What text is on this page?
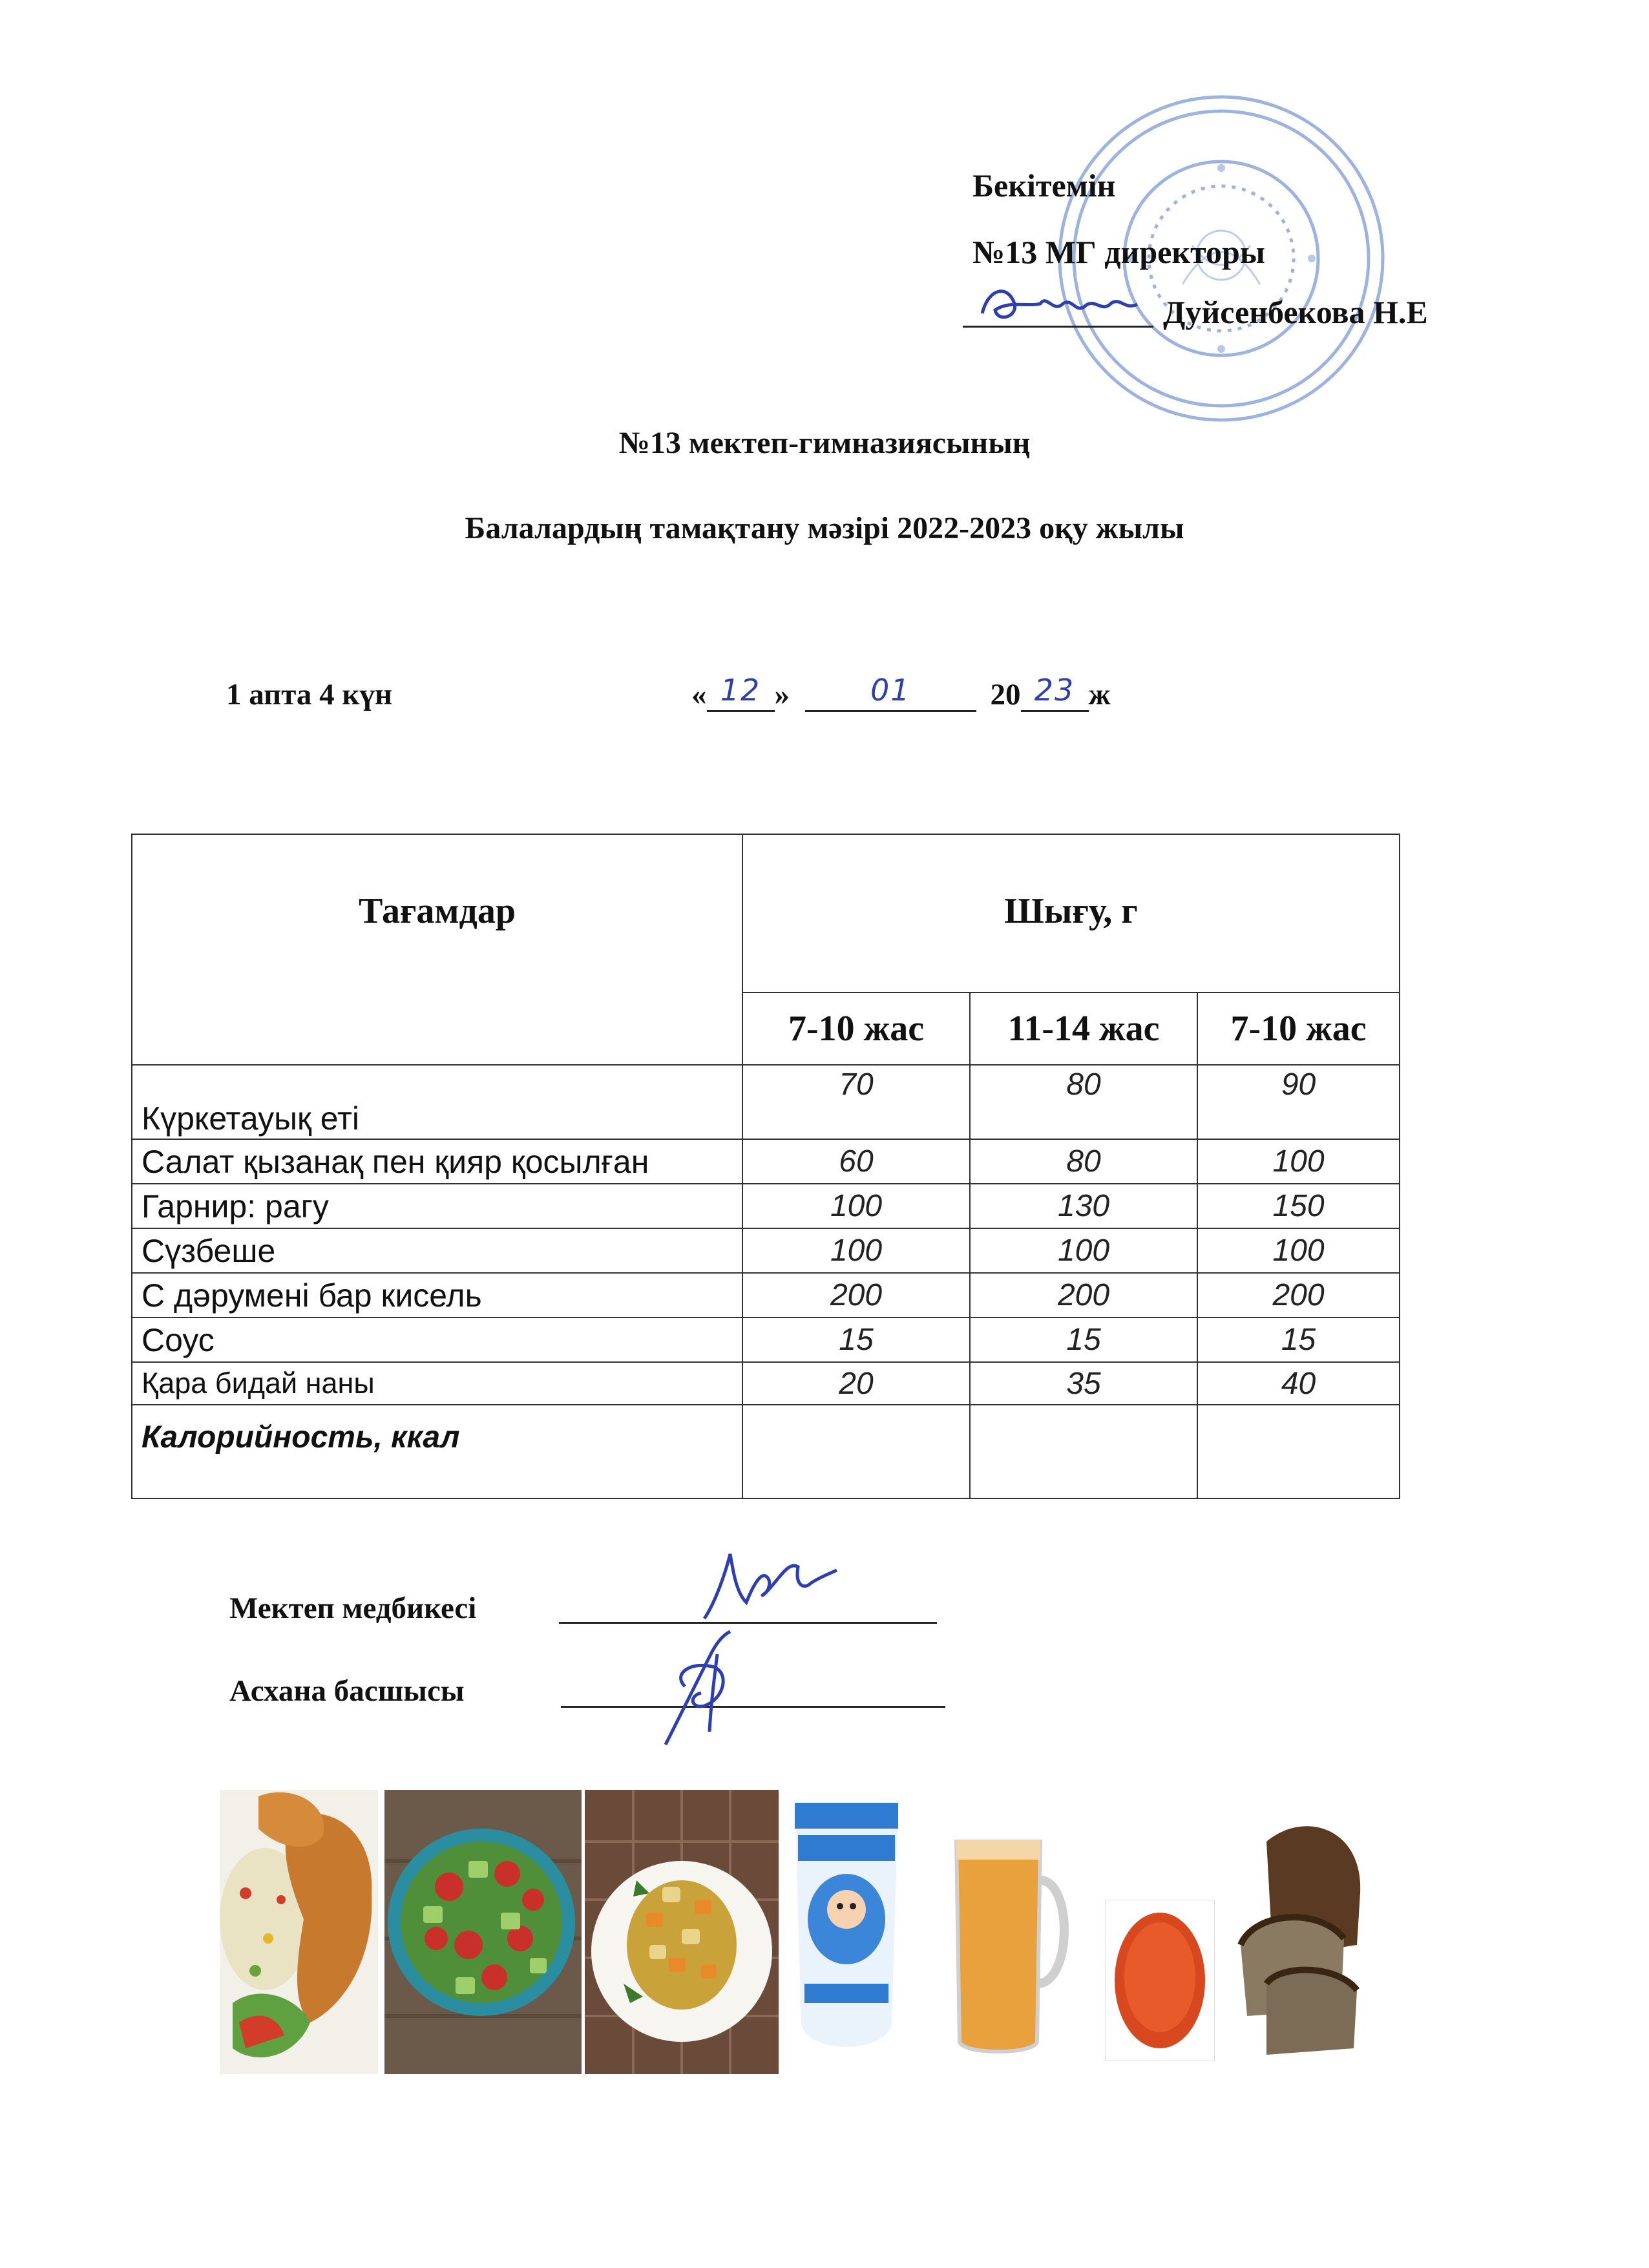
Бекітемін
№13 МГ директоры
Дуйсенбекова Н.Е
№13 мектеп-гимназиясының
Балалардың тамақтану мәзірі 2022-2023 оқу жылы
1 апта 4 күн	« 12 »	01	20 23 ж
Тағамдар	Шығу, г		
	7-10 жас	11-14 жас	7-10 жас
Күркетауық еті	70	80	90
Салат қызанақ пен қияр қосылған	60	80	100
Гарнир: рагу	100	130	150
Сүзбеше	100	100	100
С дәрумені бар кисель	200	200	200
Соус	15	15	15
Қара бидай наны	20	35	40
Калорийность, ккал			
Мектеп медбикесі
Асхана басшысы
